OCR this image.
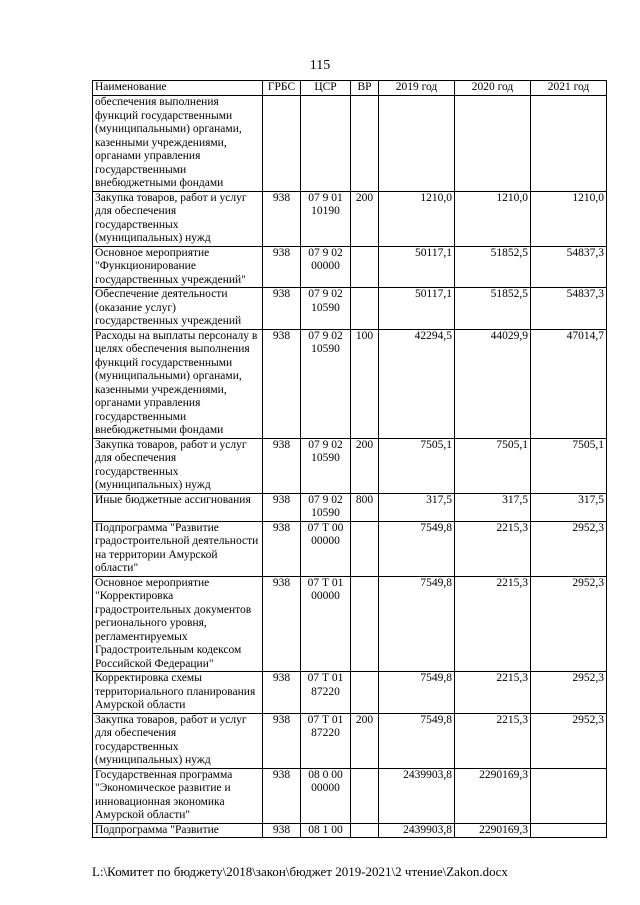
115
Наименование	ГРБС	ЦСР	ВР	2019 год	2020 год	2021 год
обеспечения выполнения функций государственными (муниципальными) органами, казенными учреждениями, органами управления государственными внебюджетными фондами						
Закупка товаров, работ и услуг для обеспечения государственных (муниципальных) нужд	938	07 9 01 10190	200	1210,0	1210,0	1210,0
Основное мероприятие "Функционирование государственных учреждений"	938	07 9 02 00000		50117,1	51852,5	54837,3
Обеспечение деятельности (оказание услуг) государственных учреждений	938	07 9 02 10590		50117,1	51852,5	54837,3
Расходы на выплаты персоналу в целях обеспечения выполнения функций государственными (муниципальными) органами, казенными учреждениями, органами управления государственными внебюджетными фондами	938	07 9 02 10590	100	42294,5	44029,9	47014,7
Закупка товаров, работ и услуг для обеспечения государственных (муниципальных) нужд	938	07 9 02 10590	200	7505,1	7505,1	7505,1
Иные бюджетные ассигнования	938	07 9 02 10590	800	317,5	317,5	317,5
Подпрограмма "Развитие градостроительной деятельности на территории Амурской области"	938	07 Т 00 00000		7549,8	2215,3	2952,3
Основное мероприятие "Корректировка градостроительных документов регионального уровня, регламентируемых Градостроительным кодексом Российской Федерации"	938	07 Т 01 00000		7549,8	2215,3	2952,3
Корректировка схемы территориального планирования Амурской области	938	07 Т 01 87220		7549,8	2215,3	2952,3
Закупка товаров, работ и услуг для обеспечения государственных (муниципальных) нужд	938	07 Т 01 87220	200	7549,8	2215,3	2952,3
Государственная программа "Экономическое развитие и инновационная экономика Амурской области"	938	08 0 00 00000		2439903,8	2290169,3	
Подпрограмма "Развитие	938	08 1 00		2439903,8	2290169,3	
L:\Комитет по бюджету\2018\закон\бюджет 2019-2021\2 чтение\Zakon.docx
